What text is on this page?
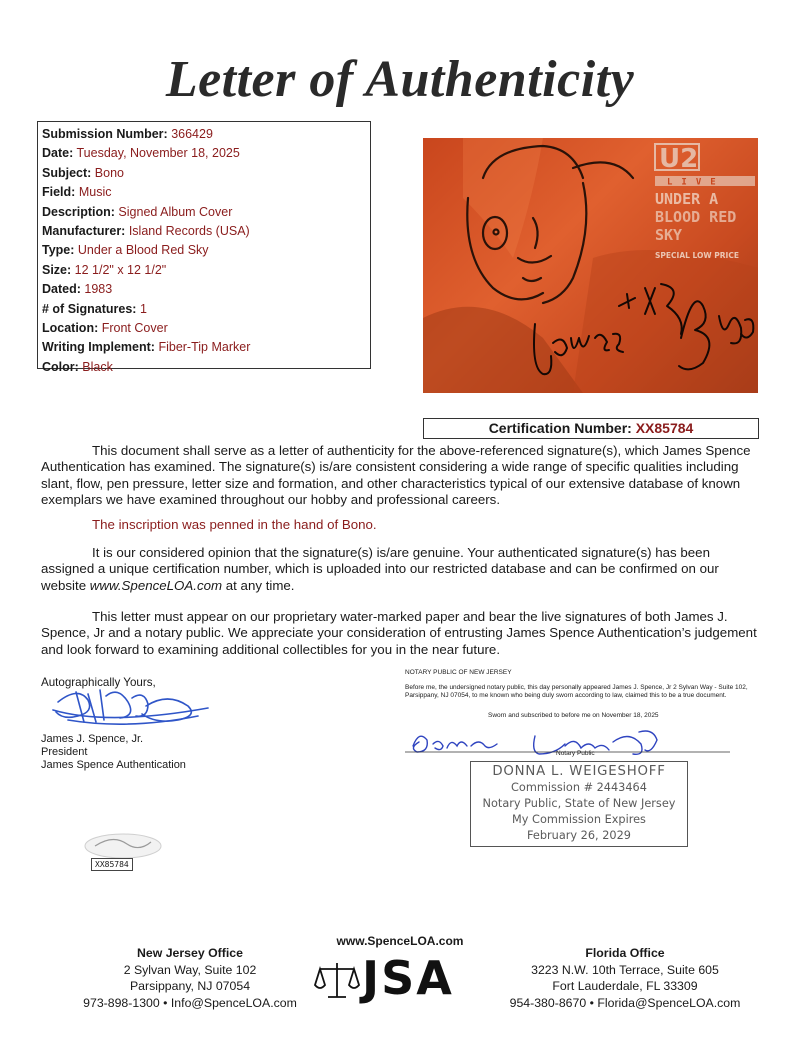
Letter of Authenticity
Submission Number: 366429
Date: Tuesday, November 18, 2025
Subject: Bono
Field: Music
Description: Signed Album Cover
Manufacturer: Island Records (USA)
Type: Under a Blood Red Sky
Size: 12 1/2" x 12 1/2"
Dated: 1983
# of Signatures: 1
Location: Front Cover
Writing Implement: Fiber-Tip Marker
Color: Black
U2
LIVE
UNDER A
BLOOD RED
SKY
SPECIAL LOW PRICE
Certification Number: XX85784
This document shall serve as a letter of authenticity for the above-referenced signature(s), which James Spence Authentication has examined. The signature(s) is/are consistent considering a wide range of specific qualities including slant, flow, pen pressure, letter size and formation, and other characteristics typical of our extensive database of known exemplars we have examined throughout our hobby and professional careers.
The inscription was penned in the hand of Bono.
It is our considered opinion that the signature(s) is/are genuine. Your authenticated signature(s) has been assigned a unique certification number, which is uploaded into our restricted database and can be confirmed on our website www.SpenceLOA.com at any time.
This letter must appear on our proprietary water-marked paper and bear the live signatures of both James J. Spence, Jr and a notary public. We appreciate your consideration of entrusting James Spence Authentication’s judgement and look forward to examining additional collectibles for you in the near future.
Autographically Yours,
James J. Spence, Jr.
President
James Spence Authentication
XX85784
NOTARY PUBLIC OF NEW JERSEY
Before me, the undersigned notary public, this day personally appeared James J. Spence, Jr 2 Sylvan Way - Suite 102, Parsippany, NJ 07054, to me known who being duly sworn according to law, claimed this to be a true document.
Sworn and subscribed to before me on November 18, 2025
Notary Public
DONNA L. WEIGESHOFF
Commission # 2443464
Notary Public, State of New Jersey
My Commission Expires
February 26, 2029
www.SpenceLOA.com
New Jersey Office
2 Sylvan Way, Suite 102
Parsippany, NJ 07054
973-898-1300 • Info@SpenceLOA.com	JSA	Florida Office
3223 N.W. 10th Terrace, Suite 605
Fort Lauderdale, FL 33309
954-380-8670 • Florida@SpenceLOA.com
